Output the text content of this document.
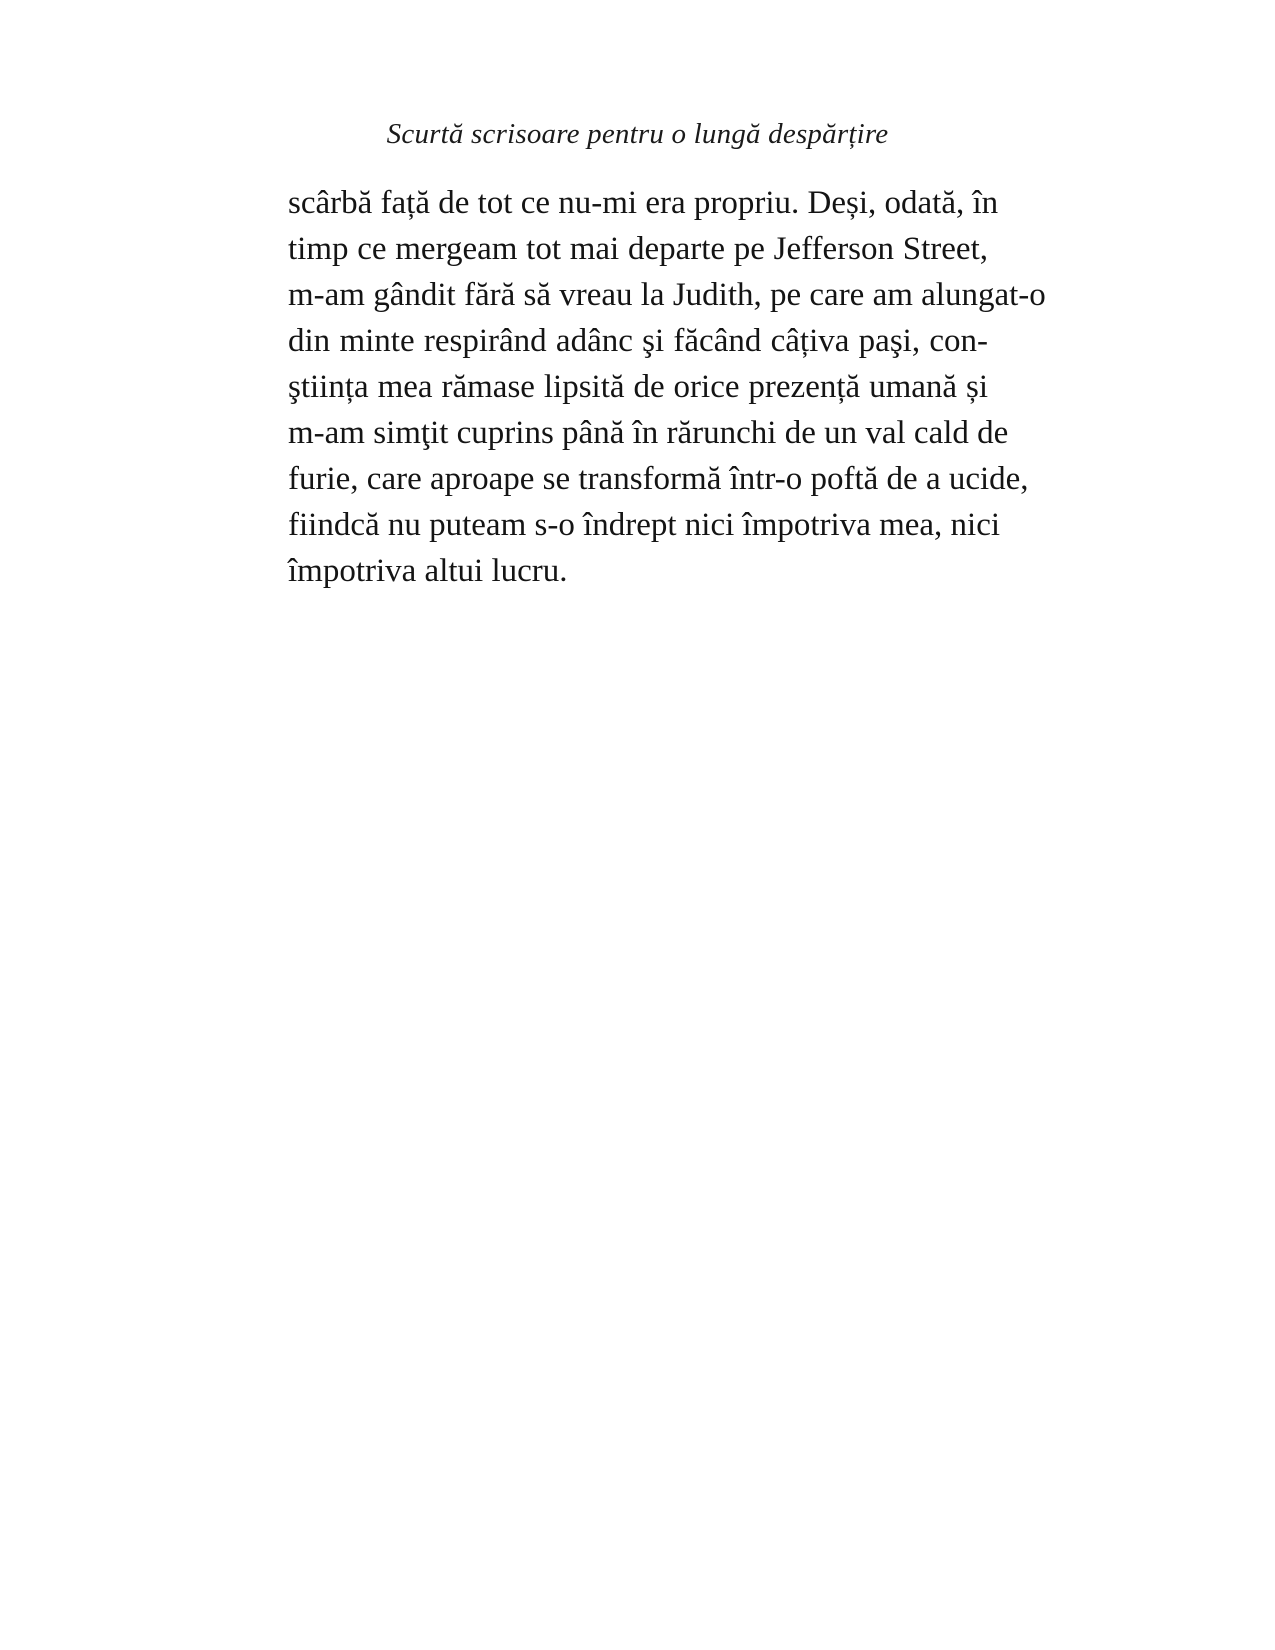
Scurtă scrisoare pentru o lungă despărțire
scârbă față de tot ce nu-mi era propriu. Deși, odată, în
timp ce mergeam tot mai departe pe Jefferson Street,
m-am gândit fără să vreau la Judith, pe care am alungat-o
din minte respirând adânc şi făcând câțiva paşi, con-
ştiința mea rămase lipsită de orice prezență umană și
m-am simţit cuprins până în rărunchi de un val cald de
furie, care aproape se transformă într-o poftă de a ucide,
fiindcă nu puteam s-o îndrept nici împotriva mea, nici
împotriva altui lucru.
